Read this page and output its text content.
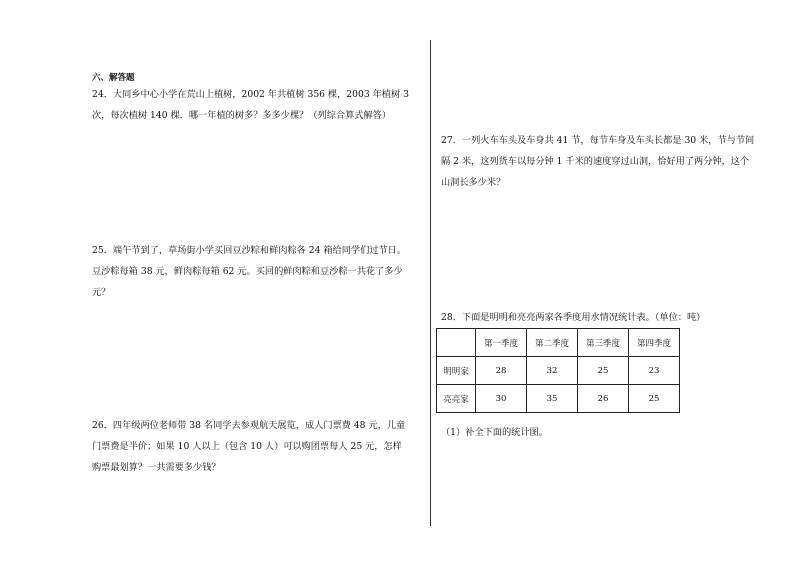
六、解答题
24．大同乡中心小学在荒山上植树，2002 年共植树 356 棵，2003 年植树 3
次，每次植树 140 棵．哪一年植的树多？多多少棵？（列综合算式解答）
25．端午节到了，草场街小学买回豆沙粽和鲜肉粽各 24 箱给同学们过节日。
豆沙粽每箱 38 元，鲜肉粽每箱 62 元。买回的鲜肉粽和豆沙粽一共花了多少
元？
26．四年级两位老师带 38 名同学去参观航天展览，成人门票费 48 元，儿童
门票费是半价；如果 10 人以上（包含 10 人）可以购团票每人 25 元，怎样
购票最划算？一共需要多少钱？
27．一列火车车头及车身共 41 节，每节车身及车头长都是 30 米，节与节间
隔 2 米，这列货车以每分钟 1 千米的速度穿过山洞，恰好用了两分钟，这个
山洞长多少米？
28．下面是明明和亮亮两家各季度用水情况统计表。（单位：吨）
	第一季度	第二季度	第三季度	第四季度
明明家	28	32	25	23
亮亮家	30	35	26	25
（1）补全下面的统计图。
